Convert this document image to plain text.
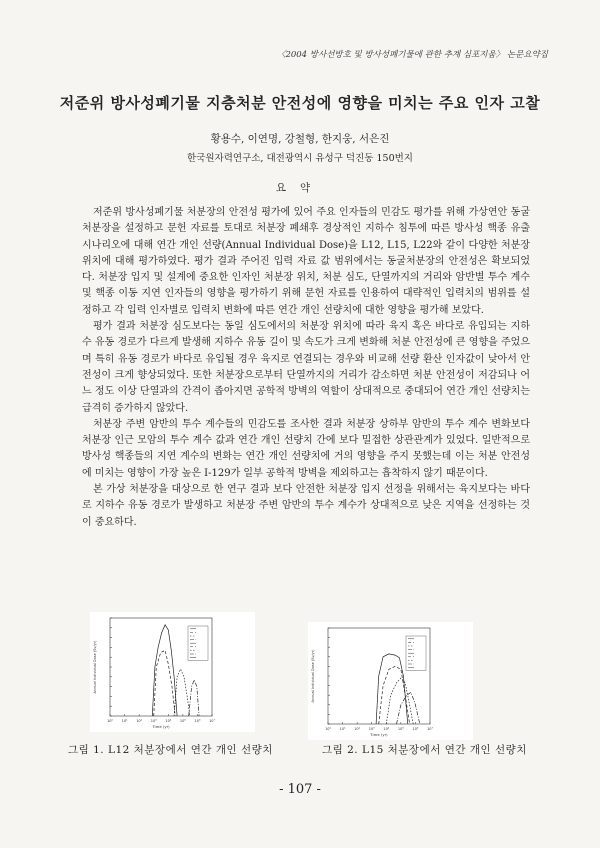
〈2004 방사선방호 및 방사성폐기물에 관한 추계 심포지움〉 논문요약집
저준위 방사성폐기물 지층처분 안전성에 영향을 미치는 주요 인자 고찰
황용수, 이연명, 강철형, 한지웅, 서은진
한국원자력연구소, 대전광역시 유성구 덕진동 150번지
요약

저준위 방사성폐기물 처분장의 안전성 평가에 있어 주요 인자들의 민감도 평가를 위해 가상연안 동굴 처분장을 설정하고 문헌 자료를 토대로 처분장 폐쇄후 경상적인 지하수 침투에 따른 방사성 핵종 유출 시나리오에 대해 연간 개인 선량(Annual Individual Dose)을 L12, L15, L22와 같이 다양한 처분장 위치에 대해 평가하였다. 평가 결과 주어진 입력 자료 값 범위에서는 동굴처분장의 안전성은 확보되었다. 처분장 입지 및 설계에 중요한 인자인 처분장 위치, 처분 심도, 단열까지의 거리와 암반별 투수 계수 및 핵종 이동 지연 인자들의 영향을 평가하기 위해 문헌 자료를 인용하여 대략적인 입력치의 범위를 설정하고 각 입력 인자별로 입력치 변화에 따른 연간 개인 선량치에 대한 영향을 평가해 보았다.

평가 결과 처분장 심도보다는 동일 심도에서의 처분장 위치에 따라 육지 혹은 바다로 유입되는 지하수 유동 경로가 다르게 발생해 지하수 유동 길이 및 속도가 크게 변화해 처분 안전성에 큰 영향을 주었으며 특히 유동 경로가 바다로 유입될 경우 육지로 연결되는 경우와 비교해 선량 환산 인자값이 낮아서 안전성이 크게 향상되었다. 또한 처분장으로부터 단열까지의 거리가 감소하면 처분 안전성이 저감되나 어느 정도 이상 단열과의 간격이 좁아지면 공학적 방벽의 역할이 상대적으로 중대되어 연간 개인 선량치는 급격히 증가하지 않았다.

처분장 주변 암반의 투수 계수들의 민감도를 조사한 결과 처분장 상하부 암반의 투수 계수 변화보다 처분장 인근 모암의 투수 계수 값과 연간 개인 선량치 간에 보다 밀접한 상관관계가 있었다. 일반적으로 방사성 핵종들의 지연 계수의 변화는 연간 개인 선량치에 거의 영향을 주지 못했는데 이는 처분 안전성에 미치는 영향이 가장 높은 I-129가 일부 공학적 방벽을 제외하고는 흡착하지 않기 때문이다.

본 가상 처분장을 대상으로 한 연구 결과 보다 안전한 처분장 입지 선정을 위해서는 육지보다는 바다로 지하수 유동 경로가 발생하고 처분장 주변 암반의 투수 계수가 상대적으로 낮은 지역을 선정하는 것이 중요하다.

10⁰ 10¹ 10² 10³ 10⁴ 10⁵ 10⁶ 10⁷
Time (yr)
Annual Individual Dose (Sv/yr)
10⁰ 10¹ 10² 10³ 10⁴ 10⁵ 10⁶ 10⁷
Time (yr)
Annual Individual Dose (Sv/yr)
그림 1. L12 처분장에서 연간 개인 선량치	그림 2. L15 처분장에서 연간 개인 선량치
- 107 -
